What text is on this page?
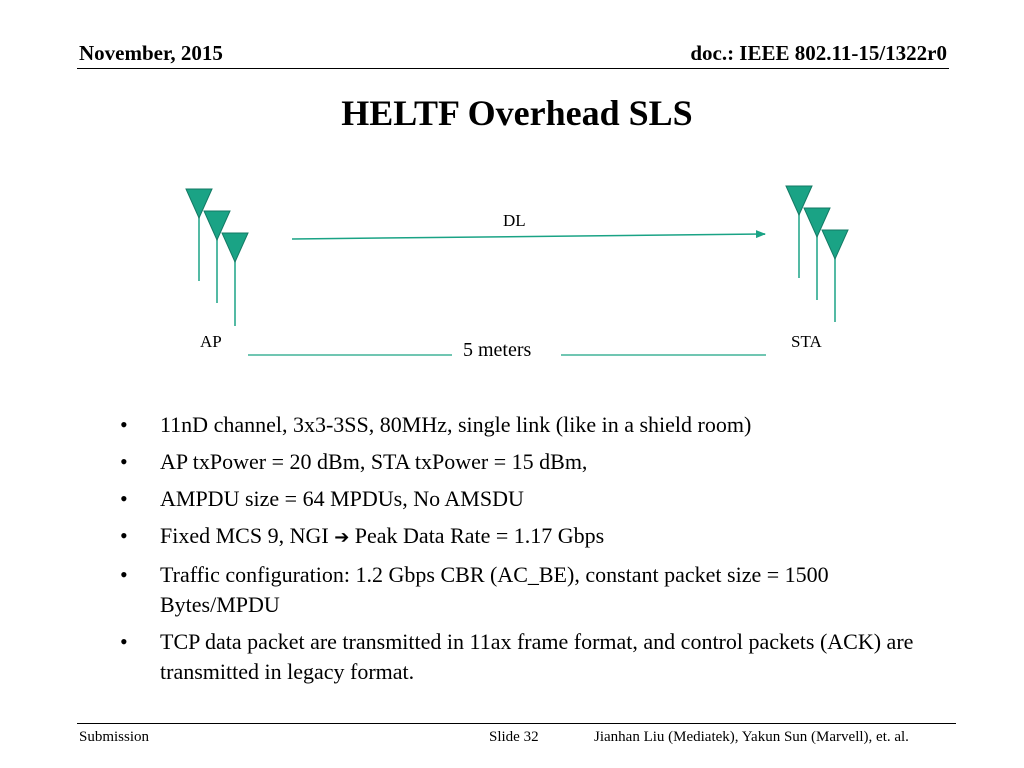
November, 2015	doc.: IEEE 802.11-15/1322r0
HELTF Overhead SLS
DL
AP	STA
5 meters
• 11nD channel, 3x3-3SS, 80MHz, single link (like in a shield room)
• AP txPower = 20 dBm, STA txPower = 15 dBm,
• AMPDU size = 64 MPDUs, No AMSDU
• Fixed MCS 9, NGI ➔ Peak Data Rate = 1.17 Gbps
• Traffic configuration: 1.2 Gbps CBR (AC_BE), constant packet size = 1500 Bytes/MPDU
• TCP data packet are transmitted in 11ax frame format, and control packets (ACK) are transmitted in legacy format.
Submission	Slide 32	Jianhan Liu (Mediatek), Yakun Sun (Marvell), et. al.
